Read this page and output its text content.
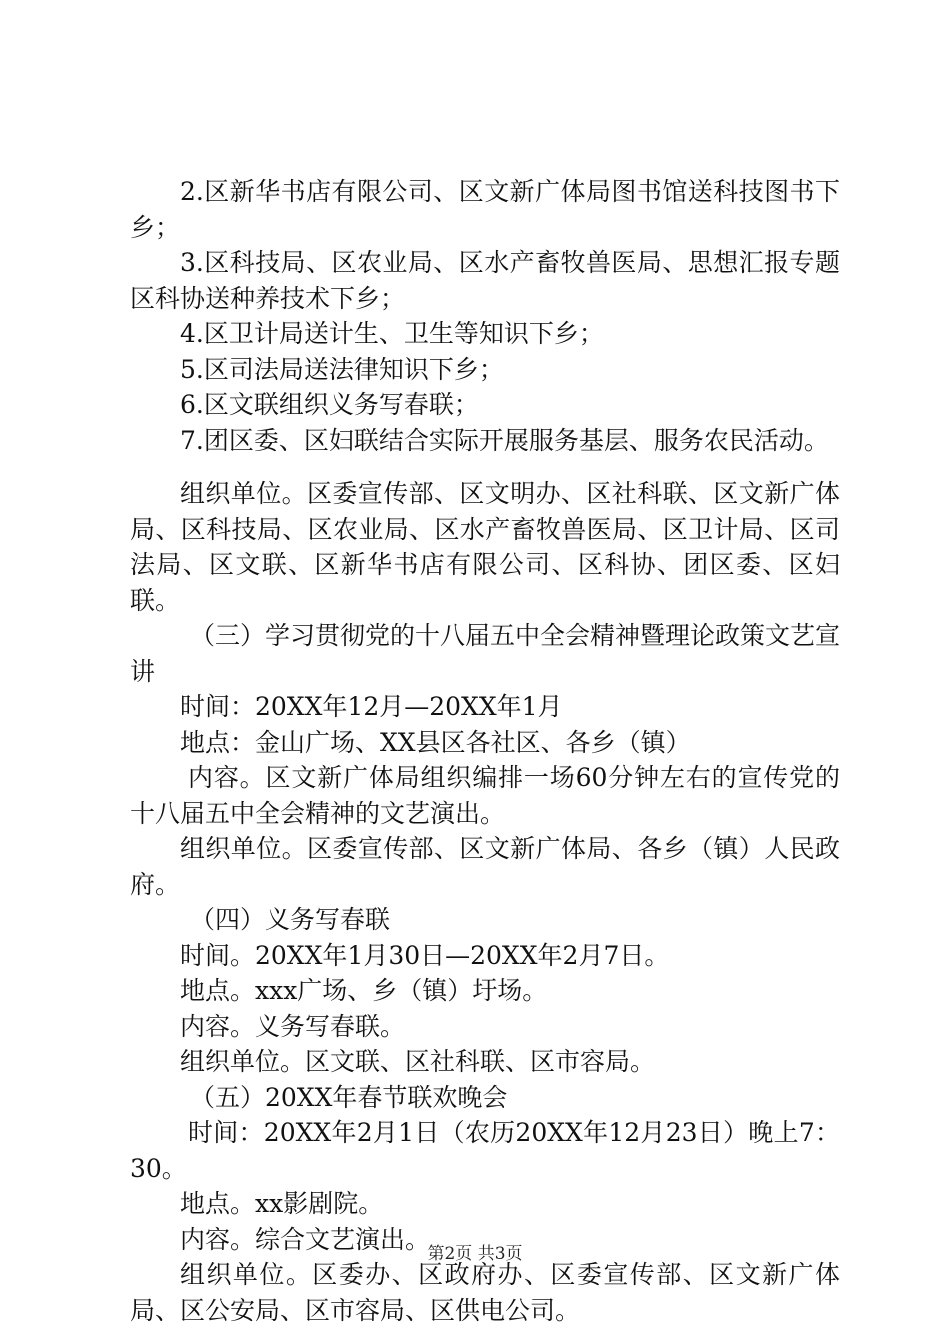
2.区新华书店有限公司、区文新广体局图书馆送科技图书下乡；

3.区科技局、区农业局、区水产畜牧兽医局、思想汇报专题区科协送种养技术下乡；

4.区卫计局送计生、卫生等知识下乡；

5.区司法局送法律知识下乡；

6.区文联组织义务写春联；

7.团区委、区妇联结合实际开展服务基层、服务农民活动。

组织单位。区委宣传部、区文明办、区社科联、区文新广体局、区科技局、区农业局、区水产畜牧兽医局、区卫计局、区司法局、区文联、区新华书店有限公司、区科协、团区委、区妇联。

（三）学习贯彻党的十八届五中全会精神暨理论政策文艺宣讲

时间：20XX年12月—20XX年1月

地点：金山广场、XX县区各社区、各乡（镇）

内容。区文新广体局组织编排一场60分钟左右的宣传党的十八届五中全会精神的文艺演出。

组织单位。区委宣传部、区文新广体局、各乡（镇）人民政府。

（四）义务写春联

时间。20XX年1月30日—20XX年2月7日。

地点。xxx广场、乡（镇）圩场。

内容。义务写春联。

组织单位。区文联、区社科联、区市容局。

（五）20XX年春节联欢晚会

时间：20XX年2月1日（农历20XX年12月23日）晚上7：30。

地点。xx影剧院。

内容。综合文艺演出。

组织单位。区委办、区政府办、区委宣传部、区文新广体局、区公安局、区市容局、区供电公司。

第2页 共3页
